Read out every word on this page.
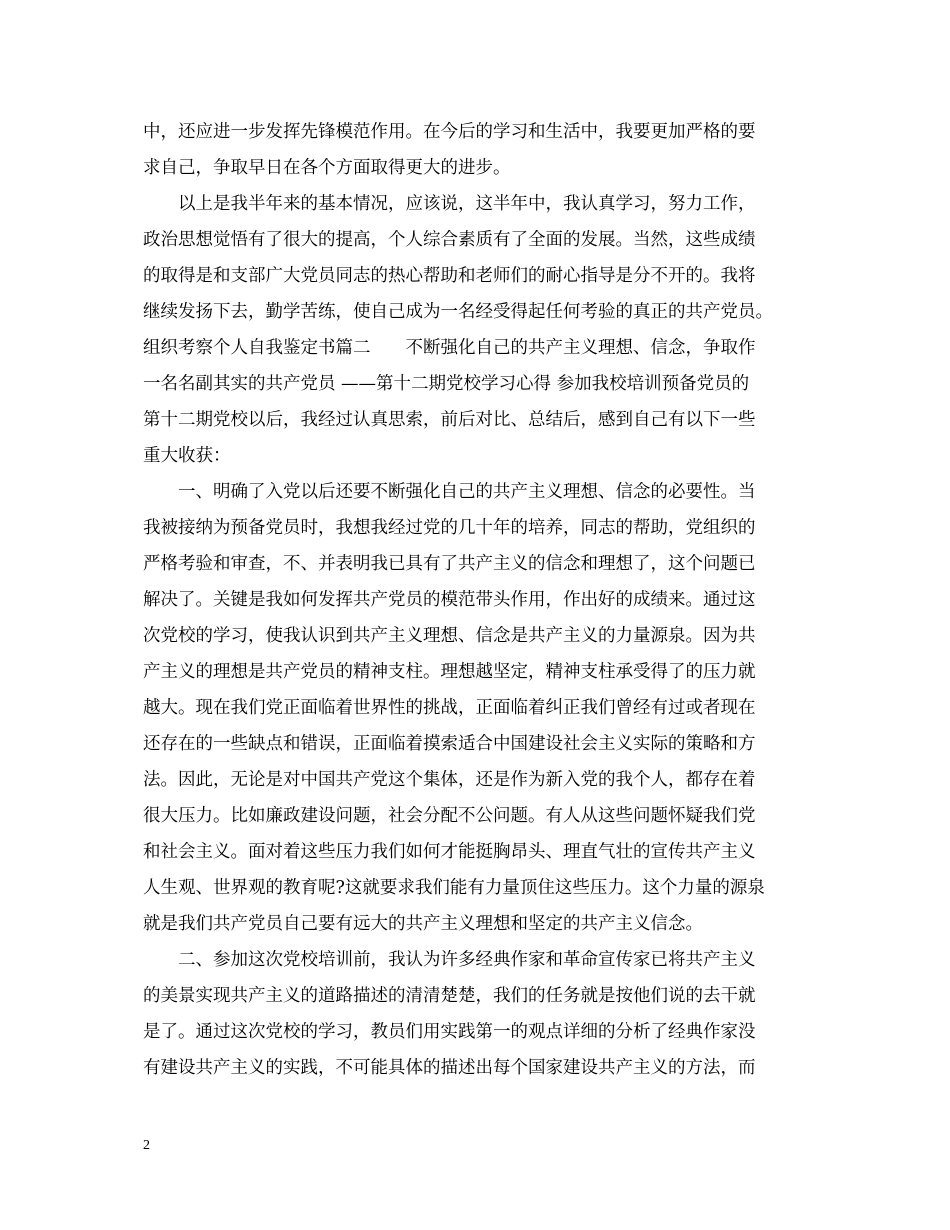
中，还应进一步发挥先锋模范作用。在今后的学习和生活中，我要更加严格的要
求自己，争取早日在各个方面取得更大的进步。
　　以上是我半年来的基本情况，应该说，这半年中，我认真学习，努力工作，
政治思想觉悟有了很大的提高，个人综合素质有了全面的发展。当然，这些成绩
的取得是和支部广大党员同志的热心帮助和老师们的耐心指导是分不开的。我将
继续发扬下去，勤学苦练，使自己成为一名经受得起任何考验的真正的共产党员。
组织考察个人自我鉴定书篇二　　不断强化自己的共产主义理想、信念，争取作
一名名副其实的共产党员 ——第十二期党校学习心得 参加我校培训预备党员的
第十二期党校以后，我经过认真思索，前后对比、总结后，感到自己有以下一些
重大收获：
　　一、明确了入党以后还要不断强化自己的共产主义理想、信念的必要性。当
我被接纳为预备党员时，我想我经过党的几十年的培养，同志的帮助，党组织的
严格考验和审查，不、并表明我已具有了共产主义的信念和理想了，这个问题已
解决了。关键是我如何发挥共产党员的模范带头作用，作出好的成绩来。通过这
次党校的学习，使我认识到共产主义理想、信念是共产主义的力量源泉。因为共
产主义的理想是共产党员的精神支柱。理想越坚定，精神支柱承受得了的压力就
越大。现在我们党正面临着世界性的挑战，正面临着纠正我们曾经有过或者现在
还存在的一些缺点和错误，正面临着摸索适合中国建设社会主义实际的策略和方
法。因此，无论是对中国共产党这个集体，还是作为新入党的我个人，都存在着
很大压力。比如廉政建设问题，社会分配不公问题。有人从这些问题怀疑我们党
和社会主义。面对着这些压力我们如何才能挺胸昂头、理直气壮的宣传共产主义
人生观、世界观的教育呢?这就要求我们能有力量顶住这些压力。这个力量的源泉
就是我们共产党员自己要有远大的共产主义理想和坚定的共产主义信念。
　　二、参加这次党校培训前，我认为许多经典作家和革命宣传家已将共产主义
的美景实现共产主义的道路描述的清清楚楚，我们的任务就是按他们说的去干就
是了。通过这次党校的学习，教员们用实践第一的观点详细的分析了经典作家没
有建设共产主义的实践，不可能具体的描述出每个国家建设共产主义的方法，而
2
